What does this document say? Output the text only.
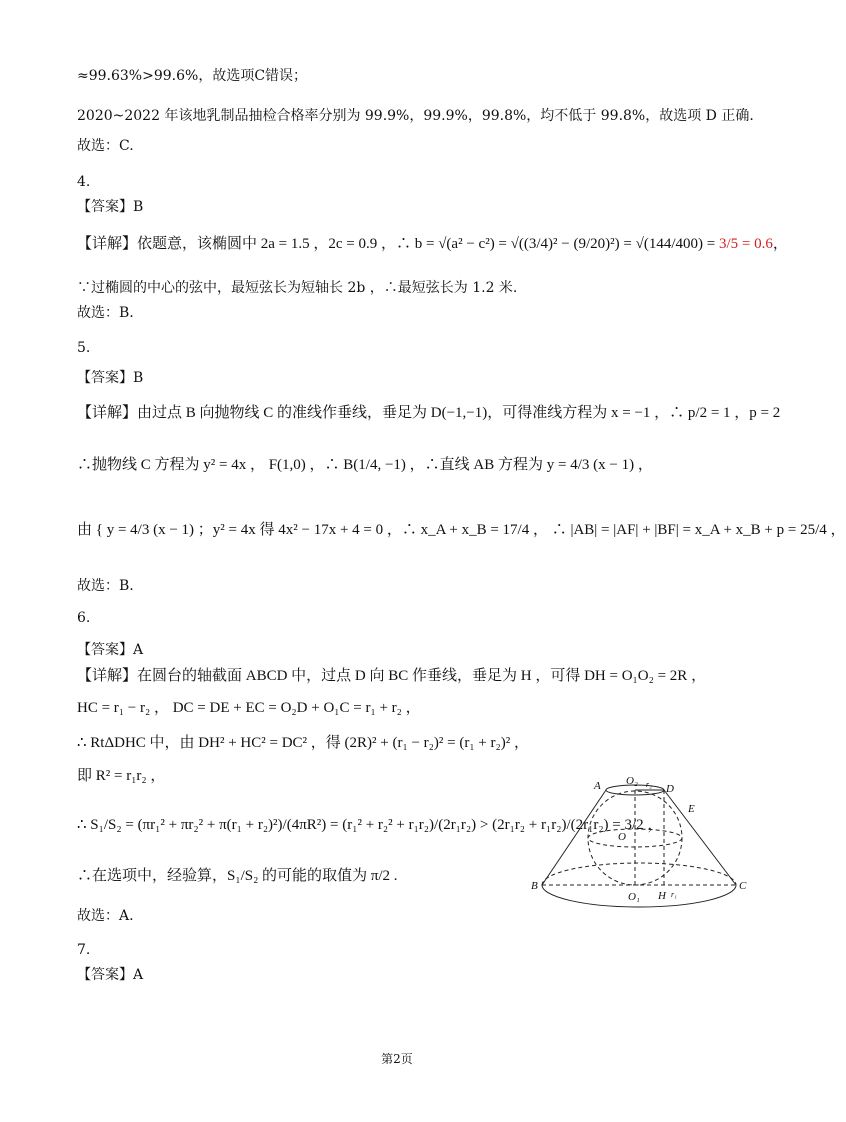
≈99.63%>99.6%，故选项C错误；
2020~2022 年该地乳制品抽检合格率分别为 99.9%，99.9%，99.8%，均不低于 99.8%，故选项 D 正确.
故选：C.
4.
【答案】B
【详解】依题意，该椭圆中 2a = 1.5 ，2c = 0.9 ，∴ b = √(a² − c²) = √((3/4)² − (9/20)²) = √(144/400) = 3/5 = 0.6，
∵过椭圆的中心的弦中，最短弦长为短轴长 2b ，∴最短弦长为 1.2 米.
故选：B.
5.
【答案】B
【详解】由过点 B 向抛物线 C 的准线作垂线，垂足为 D(−1,−1)，可得准线方程为 x = −1 ，∴ p/2 = 1 ，p = 2
∴抛物线 C 方程为 y² = 4x ， F(1,0) ，∴ B(1/4, −1) ，∴直线 AB 方程为 y = 4/3 (x − 1) ，
由 { y = 4/3 (x − 1) ；y² = 4x 得 4x² − 17x + 4 = 0 ，∴ x_A + x_B = 17/4 ， ∴ |AB| = |AF| + |BF| = x_A + x_B + p = 25/4 ，
故选：B.
6.
【答案】A
【详解】在圆台的轴截面 ABCD 中，过点 D 向 BC 作垂线，垂足为 H ，可得 DH = O₁O₂ = 2R ，
HC = r₁ − r₂ ， DC = DE + EC = O₂D + O₁C = r₁ + r₂ ，
∴ RtΔDHC 中，由 DH² + HC² = DC² ，得 (2R)² + (r₁ − r₂)² = (r₁ + r₂)² ，
即 R² = r₁r₂ ，
∴ S₁/S₂ = (πr₁² + πr₂² + π(r₁ + r₂)²)/(4πR²) = (r₁² + r₂² + r₁r₂)/(2r₁r₂) > (2r₁r₂ + r₁r₂)/(2r₁r₂) = 3/2 ，
∴在选项中，经验算，S₁/S₂ 的可能的取值为 π/2 .
故选：A.
7.
【答案】A
A O₂ r₂ D
E
O
B	C
O₁ H r₁
第2页
